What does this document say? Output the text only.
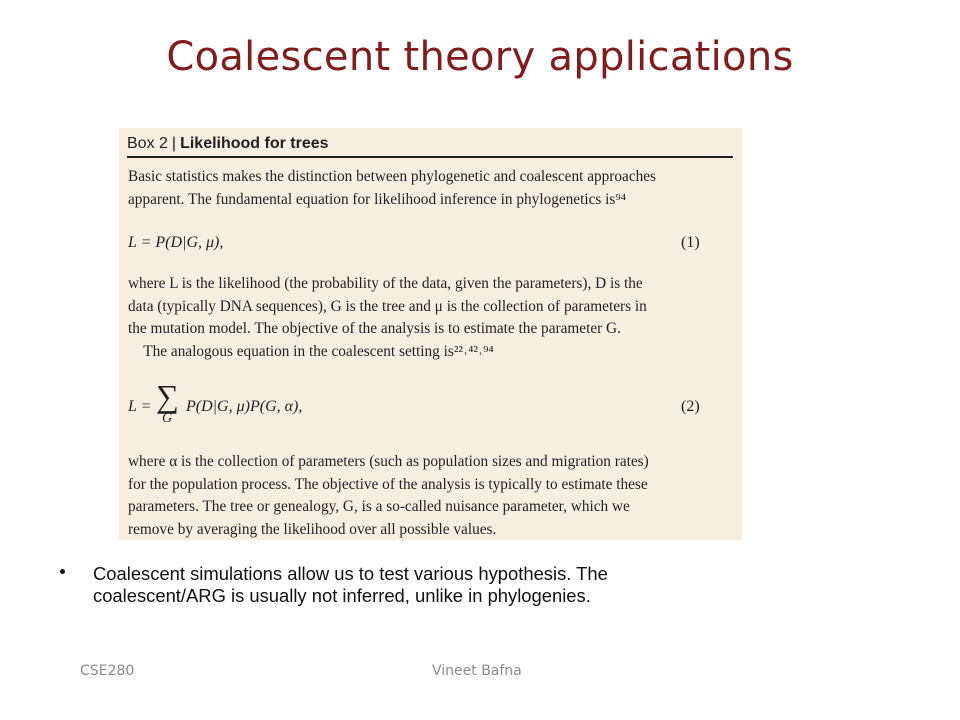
Coalescent theory applications
Box 2 | Likelihood for trees
Basic statistics makes the distinction between phylogenetic and coalescent approaches
apparent. The fundamental equation for likelihood inference in phylogenetics is⁹⁴
L = P(D|G, μ),	(1)
where L is the likelihood (the probability of the data, given the parameters), D is the
data (typically DNA sequences), G is the tree and μ is the collection of parameters in
the mutation model. The objective of the analysis is to estimate the parameter G.
 The analogous equation in the coalescent setting is²²˒⁴²˒⁹⁴
L = ∑
G
P(D|G, μ)P(G, α),	(2)
where α is the collection of parameters (such as population sizes and migration rates)
for the population process. The objective of the analysis is typically to estimate these
parameters. The tree or genealogy, G, is a so-called nuisance parameter, which we
remove by averaging the likelihood over all possible values.
Coalescent simulations allow us to test various hypothesis. The
coalescent/ARG is usually not inferred, unlike in phylogenies.
CSE280	Vineet Bafna
